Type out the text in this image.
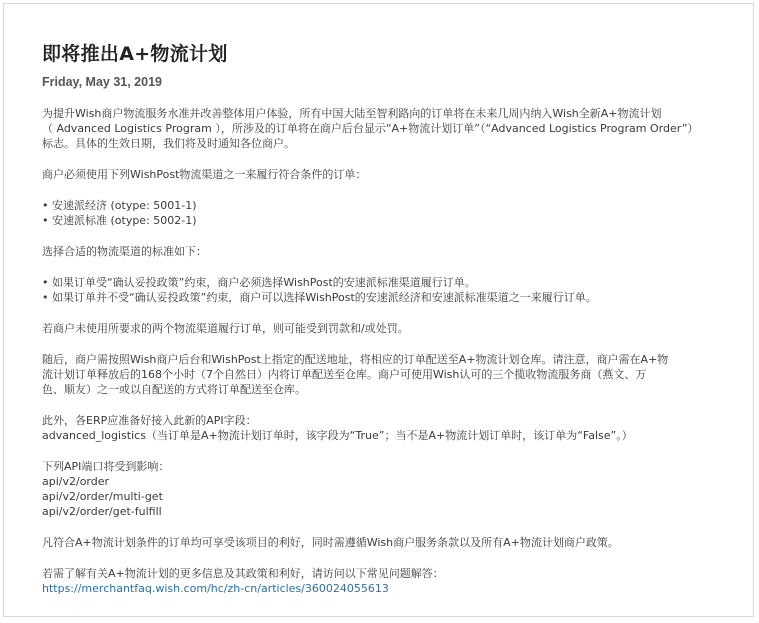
即将推出A+物流计划
Friday, May 31, 2019
为提升Wish商户物流服务水准并改善整体用户体验，所有中国大陆至智利路向的订单将在未来几周内纳入Wish全新A+物流计划
（ Advanced Logistics Program ），所涉及的订单将在商户后台显示“A+物流计划订单”（“Advanced Logistics Program Order”）
标志。具体的生效日期，我们将及时通知各位商户。

商户必须使用下列WishPost物流渠道之一来履行符合条件的订单：

• 安速派经济 (otype: 5001-1)
• 安速派标准 (otype: 5002-1)

选择合适的物流渠道的标准如下：

• 如果订单受“确认妥投政策”约束，商户必须选择WishPost的安速派标准渠道履行订单。
• 如果订单并不受“确认妥投政策”约束，商户可以选择WishPost的安速派经济和安速派标准渠道之一来履行订单。

若商户未使用所要求的两个物流渠道履行订单，则可能受到罚款和/或处罚。

随后，商户需按照Wish商户后台和WishPost上指定的配送地址，将相应的订单配送至A+物流计划仓库。请注意，商户需在A+物
流计划订单释放后的168个小时（7个自然日）内将订单配送至仓库。商户可使用Wish认可的三个揽收物流服务商（燕文、万
色、顺友）之一或以自配送的方式将订单配送至仓库。
此外，各ERP应准备好接入此新的API字段：
advanced_logistics（当订单是A+物流计划订单时，该字段为“True”；当不是A+物流计划订单时，该订单为“False”。）
下列API端口将受到影响：
api/v2/order
api/v2/order/multi-get
api/v2/order/get-fulfill

凡符合A+物流计划条件的订单均可享受该项目的利好，同时需遵循Wish商户服务条款以及所有A+物流计划商户政策。

若需了解有关A+物流计划的更多信息及其政策和利好，请访问以下常见问题解答：

https://merchantfaq.wish.com/hc/zh-cn/articles/360024055613
